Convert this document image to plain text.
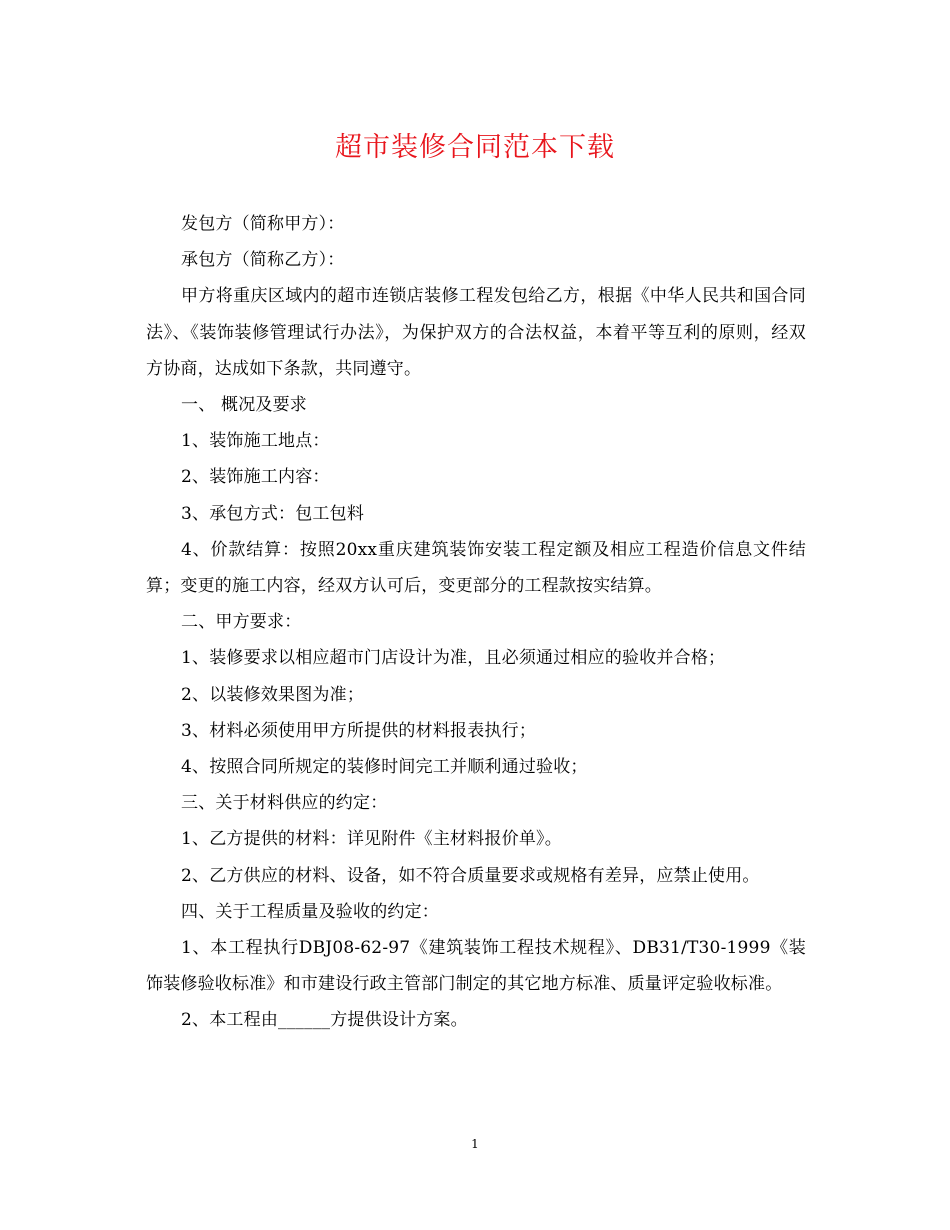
超市装修合同范本下载

发包方（简称甲方）：

承包方（简称乙方）：

甲方将重庆区域内的超市连锁店装修工程发包给乙方，根据《中华人民共和国合同法》、《装饰装修管理试行办法》，为保护双方的合法权益，本着平等互利的原则，经双方协商，达成如下条款，共同遵守。

一、 概况及要求

1、装饰施工地点：

2、装饰施工内容：

3、承包方式：包工包料

4、价款结算：按照20xx重庆建筑装饰安装工程定额及相应工程造价信息文件结算；变更的施工内容，经双方认可后，变更部分的工程款按实结算。

二、甲方要求：

1、装修要求以相应超市门店设计为准，且必须通过相应的验收并合格；

2、以装修效果图为准；

3、材料必须使用甲方所提供的材料报表执行；

4、按照合同所规定的装修时间完工并顺利通过验收；

三、关于材料供应的约定：

1、乙方提供的材料：详见附件《主材料报价单》。

2、乙方供应的材料、设备，如不符合质量要求或规格有差异，应禁止使用。

四、关于工程质量及验收的约定：

1、本工程执行DBJ08-62-97《建筑装饰工程技术规程》、DB31/T30-1999《装饰装修验收标准》和市建设行政主管部门制定的其它地方标准、质量评定验收标准。

2、本工程由______方提供设计方案。

1
